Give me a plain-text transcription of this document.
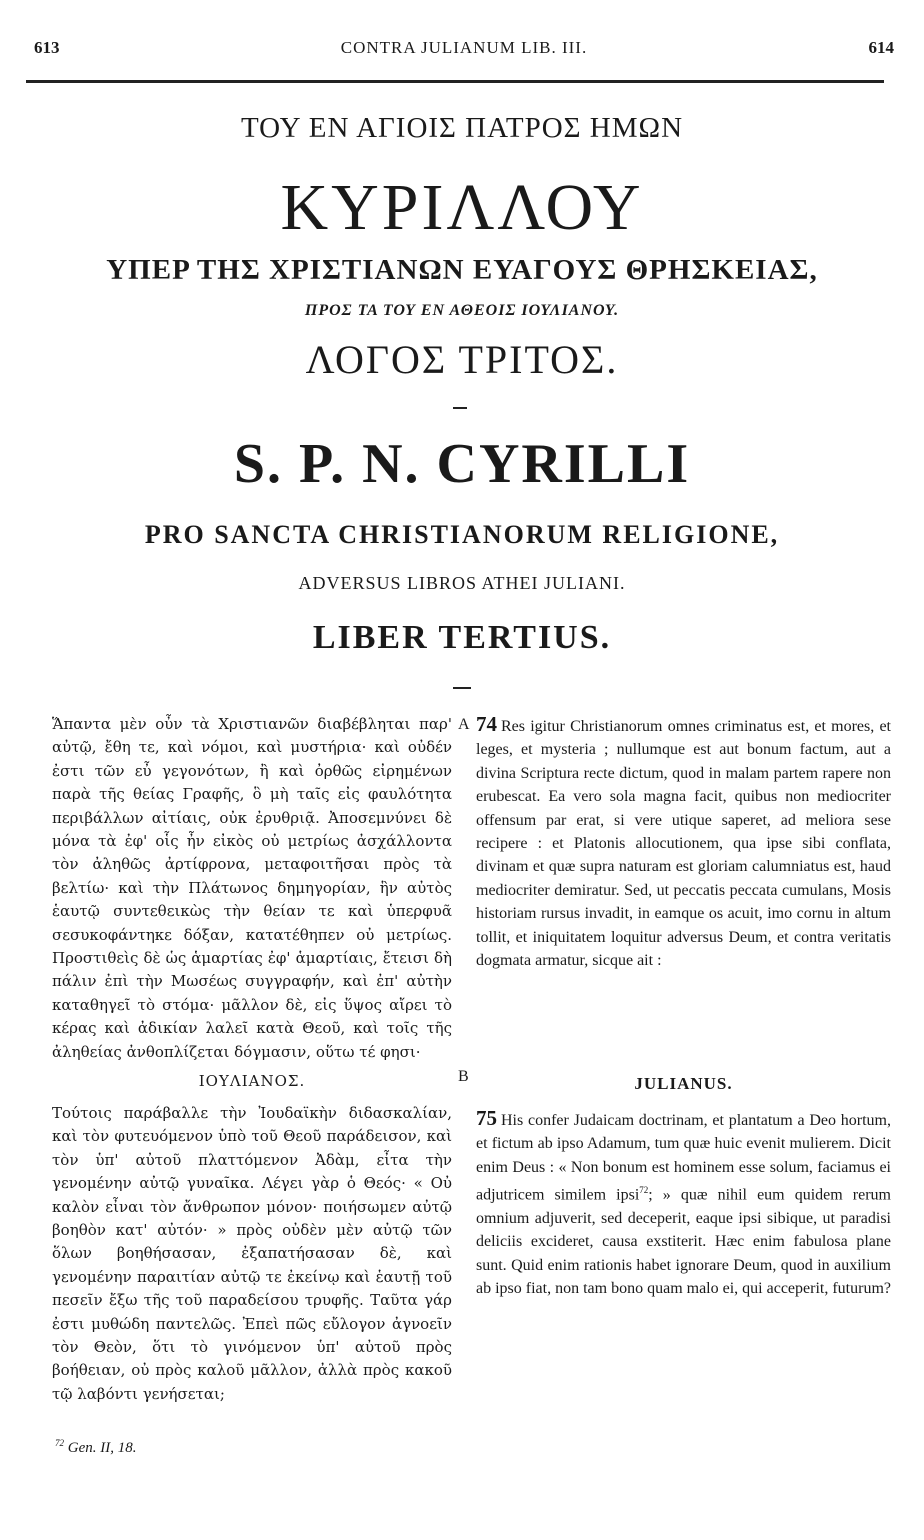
613	CONTRA JULIANUM LIB. III.	614
ΤΟΥ ΕΝ ΑΓΙΟΙΣ ΠΑΤΡΟΣ ΗΜΩΝ
ΚΥΡΙΛΛΟΥ
ΥΠΕΡ ΤΗΣ ΧΡΙΣΤΙΑΝΩΝ ΕΥΑΓΟΥΣ ΘΡΗΣΚΕΙΑΣ,
ΠΡΟΣ ΤΑ ΤΟΥ ΕΝ ΑΘΕΟΙΣ ΙΟΥΛΙΑΝΟΥ.
ΛΟΓΟΣ ΤΡΙΤΟΣ.
S. P. N. CYRILLI
PRO SANCTA CHRISTIANORUM RELIGIONE,
ADVERSUS LIBROS ATHEI JULIANI.
LIBER TERTIUS.
A
B

Ἅπαντα μὲν οὖν τὰ Χριστιανῶν διαβέβληται παρ' αὐτῷ, ἔθη τε, καὶ νόμοι, καὶ μυστήρια· καὶ οὐδέν ἐστι τῶν εὖ γεγονότων, ἢ καὶ ὀρθῶς εἰρημένων παρὰ τῆς θείας Γραφῆς, ὃ μὴ ταῖς εἰς φαυλότητα περιβάλλων αἰτίαις, οὐκ ἐρυθριᾷ. Ἀποσεμνύνει δὲ μόνα τὰ ἐφ' οἷς ἦν εἰκὸς οὐ μετρίως ἀσχάλλοντα τὸν ἀληθῶς ἀρτίφρονα, μεταφοιτῆσαι πρὸς τὰ βελτίω· καὶ τὴν Πλάτωνος δημηγορίαν, ἣν αὐτὸς ἑαυτῷ συντεθεικὼς τὴν θείαν τε καὶ ὑπερφυᾶ σεσυκοφάντηκε δόξαν, κατατέθηπεν οὐ μετρίως. Προστιθεὶς δὲ ὡς ἁμαρτίας ἐφ' ἁμαρτίαις, ἔτεισι δὴ πάλιν ἐπὶ τὴν Μωσέως συγγραφήν, καὶ ἐπ' αὐτὴν καταθηγεῖ τὸ στόμα· μᾶλλον δὲ, εἰς ὕψος αἴρει τὸ κέρας καὶ ἀδικίαν λαλεῖ κατὰ Θεοῦ, καὶ τοῖς τῆς ἀληθείας ἀνθοπλίζεται δόγμασιν, οὕτω τέ φησι·

ΙΟΥΛΙΑΝΟΣ.

Τούτοις παράβαλλε τὴν Ἰουδαϊκὴν διδασκαλίαν, καὶ τὸν φυτευόμενον ὑπὸ τοῦ Θεοῦ παράδεισον, καὶ τὸν ὑπ' αὐτοῦ πλαττόμενον Ἀδὰμ, εἶτα τὴν γενομένην αὐτῷ γυναῖκα. Λέγει γὰρ ὁ Θεός· « Οὐ καλὸν εἶναι τὸν ἄνθρωπον μόνον· ποιήσωμεν αὐτῷ βοηθὸν κατ' αὐτόν· » πρὸς οὐδὲν μὲν αὐτῷ τῶν ὅλων βοηθήσασαν, ἐξαπατήσασαν δὲ, καὶ γενομένην παραιτίαν αὐτῷ τε ἐκείνῳ καὶ ἑαυτῇ τοῦ πεσεῖν ἔξω τῆς τοῦ παραδείσου τρυφῆς. Ταῦτα γάρ ἐστι μυθώδη παντελῶς. Ἐπεὶ πῶς εὔλογον ἀγνοεῖν τὸν Θεὸν, ὅτι τὸ γινόμενον ὑπ' αὐτοῦ πρὸς βοήθειαν, οὐ πρὸς καλοῦ μᾶλλον, ἀλλὰ πρὸς κακοῦ τῷ λαβόντι γενήσεται;

74 Res igitur Christianorum omnes criminatus est, et mores, et leges, et mysteria ; nullumque est aut bonum factum, aut a divina Scriptura recte dictum, quod in malam partem rapere non erubescat. Ea vero sola magna facit, quibus non mediocriter offensum par erat, si vere utique saperet, ad meliora sese recipere : et Platonis allocutionem, qua ipse sibi conflata, divinam et quæ supra naturam est gloriam calumniatus est, haud mediocriter demiratur. Sed, ut peccatis peccata cumulans, Mosis historiam rursus invadit, in eamque os acuit, imo cornu in altum tollit, et iniquitatem loquitur adversus Deum, et contra veritatis dogmata armatur, sicque ait :

JULIANUS.

75 His confer Judaicam doctrinam, et plantatum a Deo hortum, et fictum ab ipso Adamum, tum quæ huic evenit mulierem. Dicit enim Deus : « Non bonum est hominem esse solum, faciamus ei adjutricem similem ipsi$^{72}$; » quæ nihil eum quidem rerum omnium adjuverit, sed deceperit, eaque ipsi sibique, ut paradisi deliciis excideret, causa exstiterit. Hæc enim fabulosa plane sunt. Quid enim rationis habet ignorare Deum, quod in auxilium ab ipso fiat, non tam bono quam malo ei, qui acceperit, futurum?

$^{72}$ Gen. II, 18.
